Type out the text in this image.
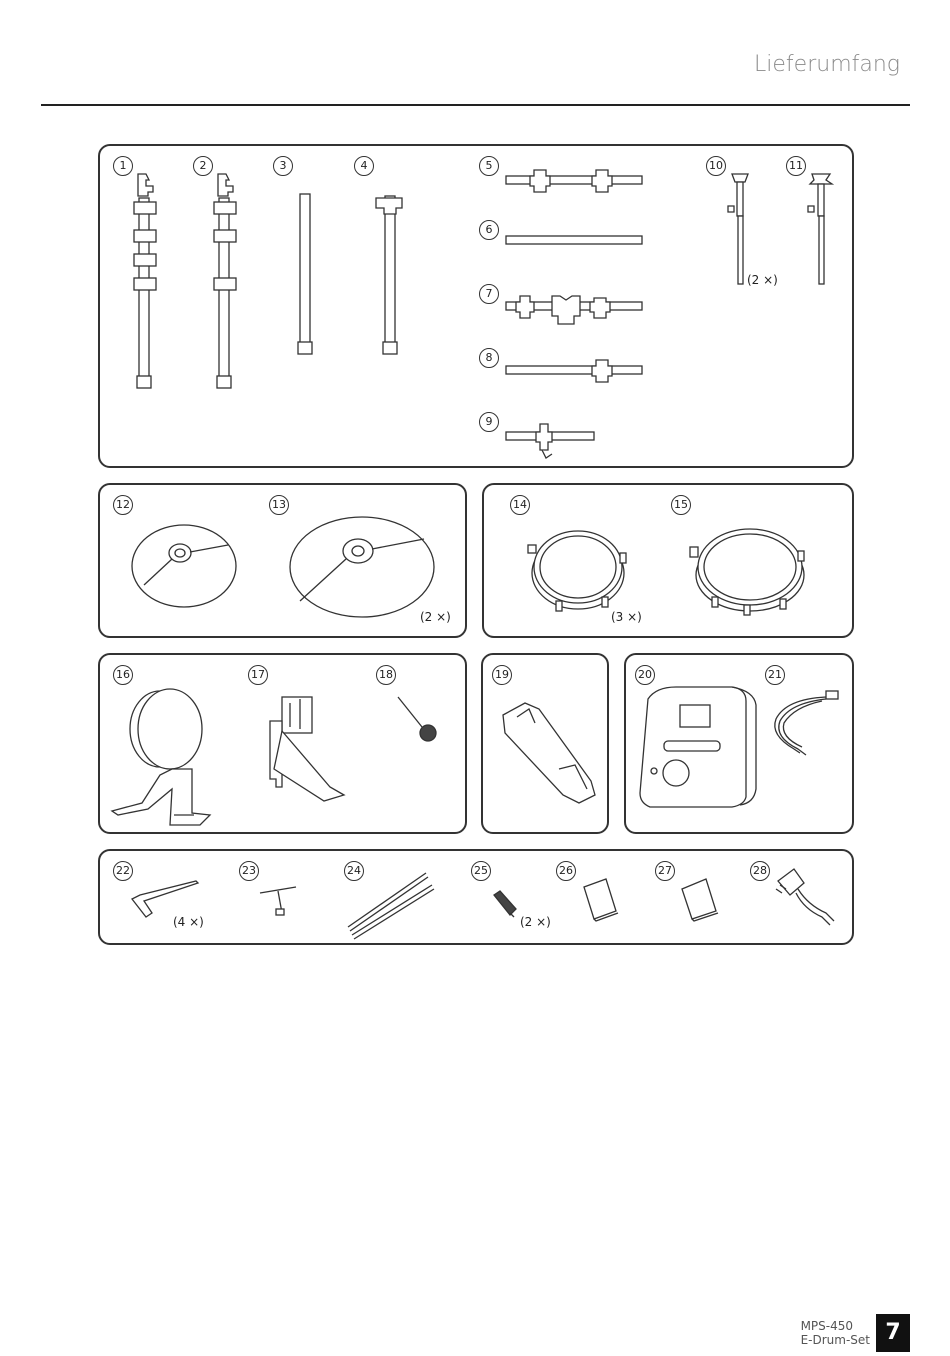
Lieferumfang
1	2	3	4	5
6
7
8
9
10	11
(2 ×)
12	13
(2 ×)
14	15
(3 ×)
16	17	18	19	20	21
22	23	24	25	26	27	28
(4 ×)	(2 ×)
MPS-450
E-Drum-Set 7
